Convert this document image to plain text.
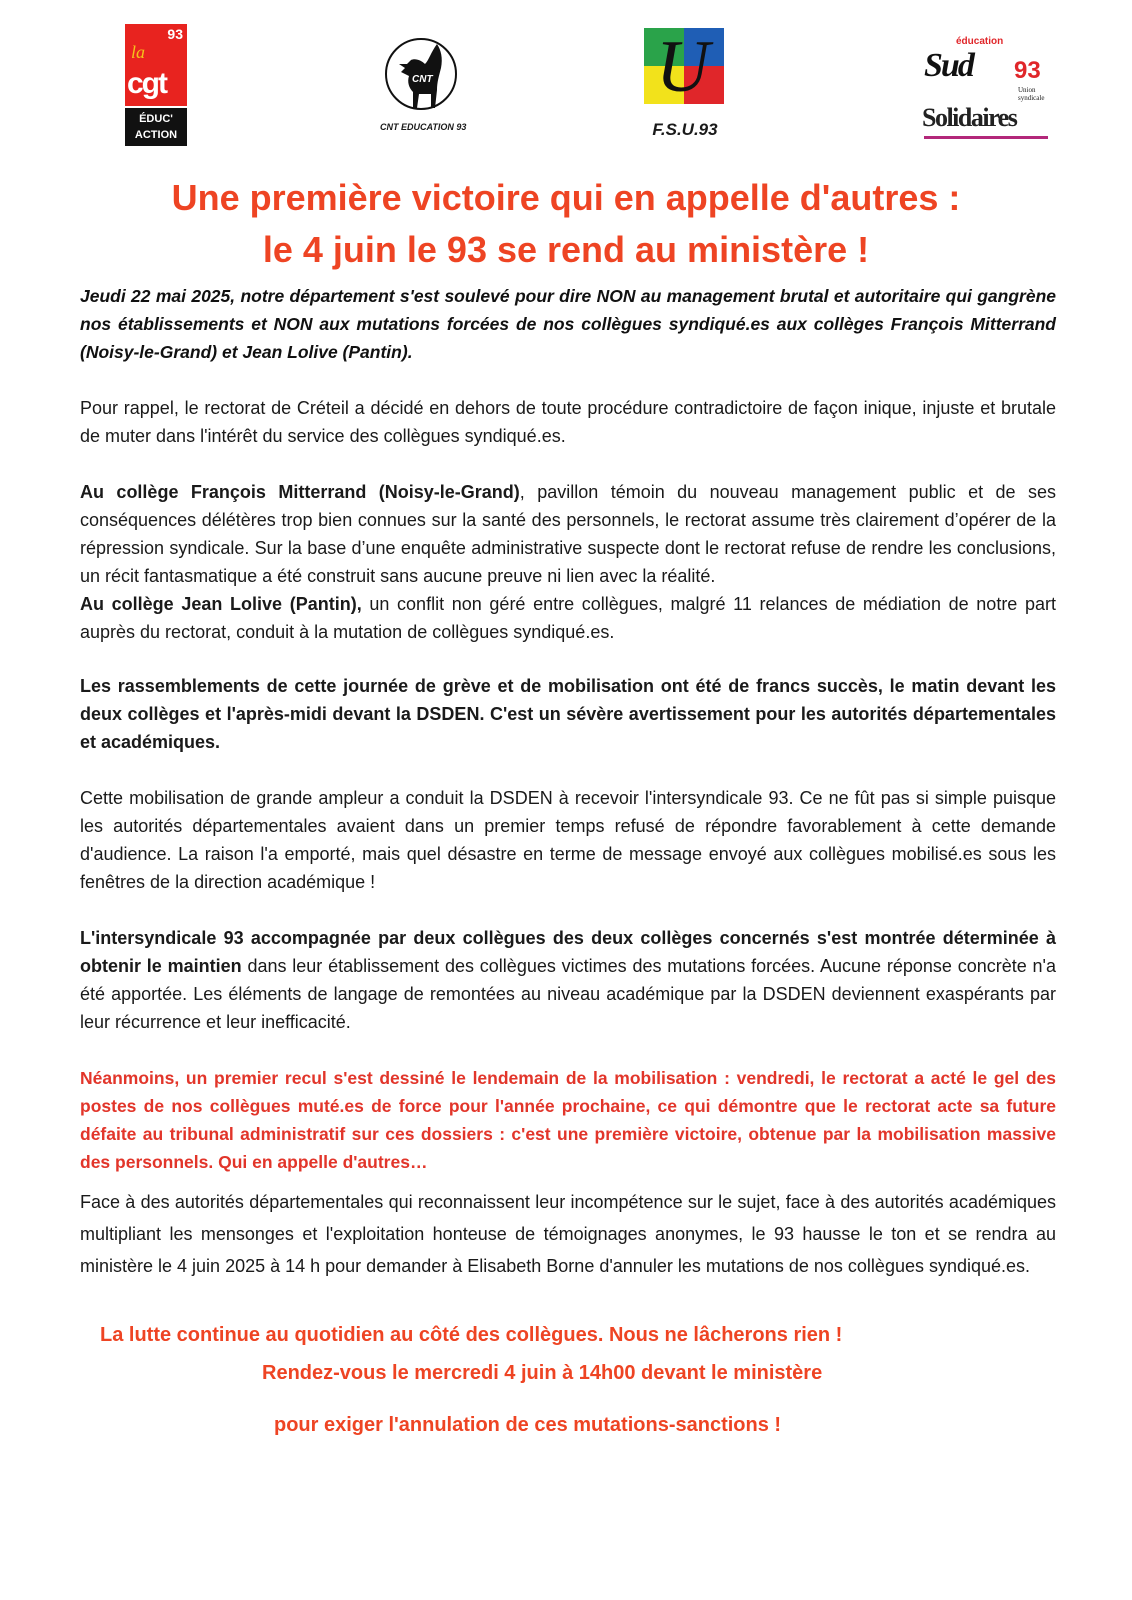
93
la
cgt
ÉDUC'
ACTION
CNT
CNT EDUCATION 93
U
F.S.U.93
éducation
Sud 93
Union
syndicale
Solidaires
Une première victoire qui en appelle d'autres :
le 4 juin le 93 se rend au ministère !

Jeudi 22 mai 2025, notre département s'est soulevé pour dire NON au management brutal et autoritaire qui gangrène nos établissements et NON aux mutations forcées de nos collègues syndiqué.es aux collèges François Mitterrand (Noisy-le-Grand) et Jean Lolive (Pantin).

Pour rappel, le rectorat de Créteil a décidé en dehors de toute procédure contradictoire de façon inique, injuste et brutale de muter dans l'intérêt du service des collègues syndiqué.es.

Au collège François Mitterrand (Noisy-le-Grand), pavillon témoin du nouveau management public et de ses conséquences délétères trop bien connues sur la santé des personnels, le rectorat assume très clairement d’opérer de la répression syndicale. Sur la base d’une enquête administrative suspecte dont le rectorat refuse de rendre les conclusions, un récit fantasmatique a été construit sans aucune preuve ni lien avec la réalité.
Au collège Jean Lolive (Pantin), un conflit non géré entre collègues, malgré 11 relances de médiation de notre part auprès du rectorat, conduit à la mutation de collègues syndiqué.es.

Les rassemblements de cette journée de grève et de mobilisation ont été de francs succès, le matin devant les deux collèges et l'après-midi devant la DSDEN. C'est un sévère avertissement pour les autorités départementales et académiques.

Cette mobilisation de grande ampleur a conduit la DSDEN à recevoir l'intersyndicale 93. Ce ne fût pas si simple puisque les autorités départementales avaient dans un premier temps refusé de répondre favorablement à cette demande d'audience. La raison l'a emporté, mais quel désastre en terme de message envoyé aux collègues mobilisé.es sous les fenêtres de la direction académique !

L'intersyndicale 93 accompagnée par deux collègues des deux collèges concernés s'est montrée déterminée à obtenir le maintien dans leur établissement des collègues victimes des mutations forcées. Aucune réponse concrète n'a été apportée. Les éléments de langage de remontées au niveau académique par la DSDEN deviennent exaspérants par leur récurrence et leur inefficacité.

Néanmoins, un premier recul s'est dessiné le lendemain de la mobilisation : vendredi, le rectorat a acté le gel des postes de nos collègues muté.es de force pour l'année prochaine, ce qui démontre que le rectorat acte sa future défaite au tribunal administratif sur ces dossiers : c'est une première victoire, obtenue par la mobilisation massive des personnels. Qui en appelle d'autres…

Face à des autorités départementales qui reconnaissent leur incompétence sur le sujet, face à des autorités académiques multipliant les mensonges et l'exploitation honteuse de témoignages anonymes, le 93 hausse le ton et se rendra au ministère le 4 juin 2025 à 14 h pour demander à Elisabeth Borne d'annuler les mutations de nos collègues syndiqué.es.

La lutte continue au quotidien au côté des collègues. Nous ne lâcherons rien !
Rendez-vous le mercredi 4 juin à 14h00 devant le ministère
pour exiger l'annulation de ces mutations-sanctions !
